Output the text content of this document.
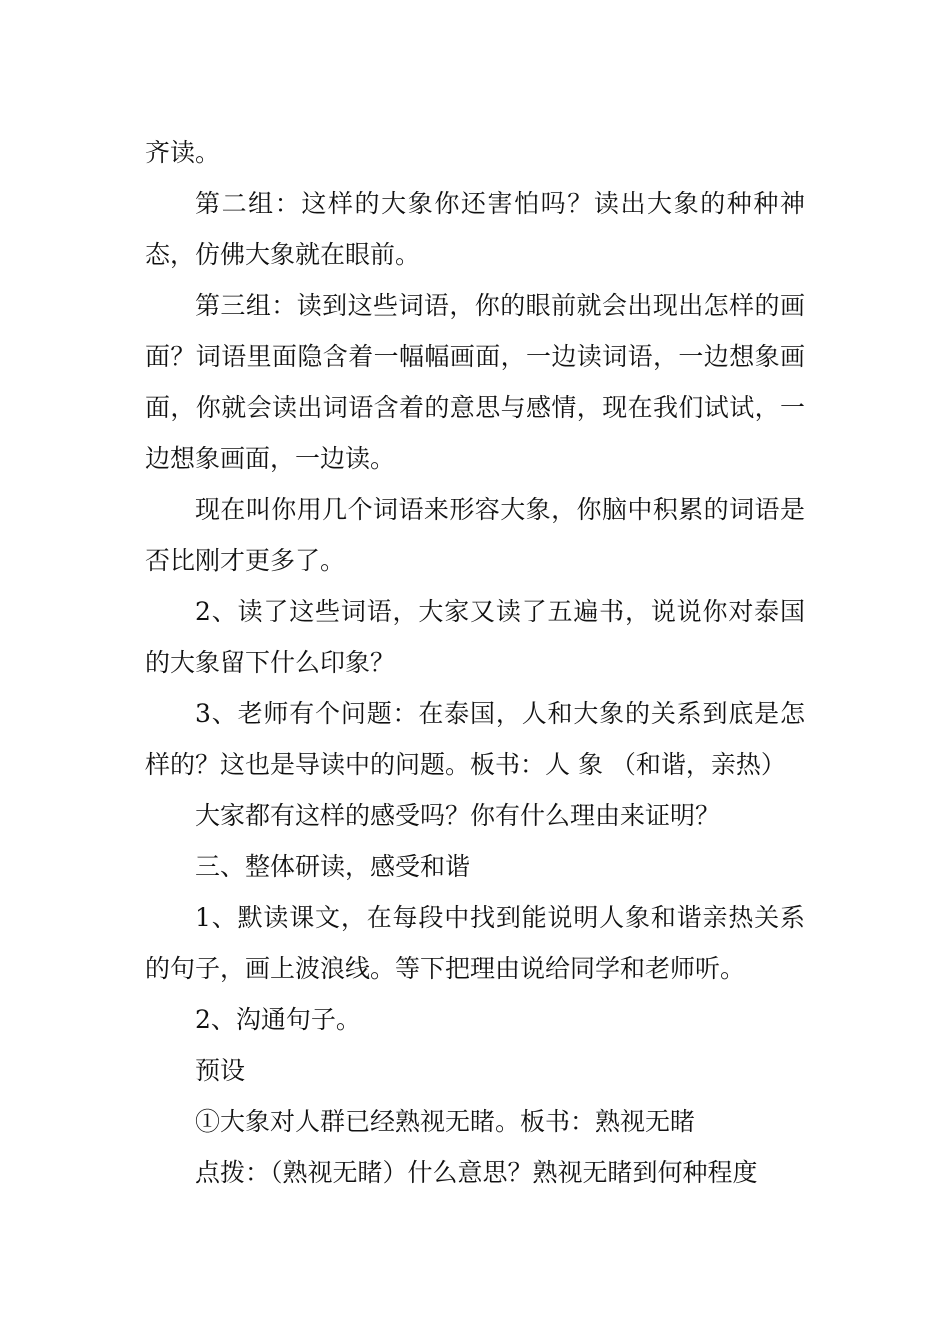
齐读。

第二组：这样的大象你还害怕吗？读出大象的种种神态，仿佛大象就在眼前。

第三组：读到这些词语，你的眼前就会出现出怎样的画面？词语里面隐含着一幅幅画面，一边读词语，一边想象画面，你就会读出词语含着的意思与感情，现在我们试试，一边想象画面，一边读。

现在叫你用几个词语来形容大象，你脑中积累的词语是否比刚才更多了。

2、读了这些词语，大家又读了五遍书，说说你对泰国的大象留下什么印象？

3、老师有个问题：在泰国，人和大象的关系到底是怎样的？这也是导读中的问题。板书：人 象 （和谐，亲热）

大家都有这样的感受吗？你有什么理由来证明？

三、整体研读，感受和谐

1、默读课文，在每段中找到能说明人象和谐亲热关系的句子，画上波浪线。等下把理由说给同学和老师听。

2、沟通句子。

预设

①大象对人群已经熟视无睹。板书：熟视无睹

点拨：（熟视无睹）什么意思？熟视无睹到何种程度
